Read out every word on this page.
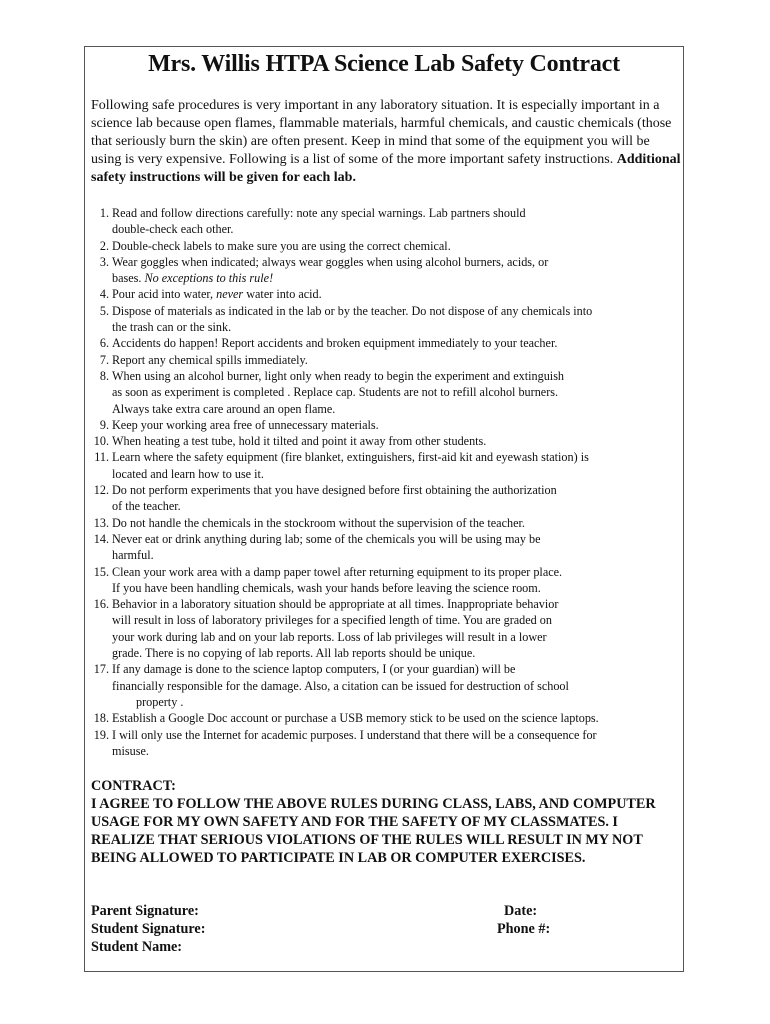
Mrs. Willis HTPA Science Lab Safety Contract
Following safe procedures is very important in any laboratory situation. It is especially important in a science lab because open flames, flammable materials, harmful chemicals, and caustic chemicals (those that seriously burn the skin) are often present. Keep in mind that some of the equipment you will be using is very expensive. Following is a list of some of the more important safety instructions. Additional safety instructions will be given for each lab.
1. Read and follow directions carefully: note any special warnings. Lab partners should
double-check each other.
2. Double-check labels to make sure you are using the correct chemical.
3. Wear goggles when indicated; always wear goggles when using alcohol burners, acids, or
bases. No exceptions to this rule!
4. Pour acid into water, never water into acid.
5. Dispose of materials as indicated in the lab or by the teacher. Do not dispose of any chemicals into
the trash can or the sink.
6. Accidents do happen! Report accidents and broken equipment immediately to your teacher.
7. Report any chemical spills immediately.
8. When using an alcohol burner, light only when ready to begin the experiment and extinguish
as soon as experiment is completed . Replace cap. Students are not to refill alcohol burners.
Always take extra care around an open flame.
9. Keep your working area free of unnecessary materials.
10. When heating a test tube, hold it tilted and point it away from other students.
11. Learn where the safety equipment (fire blanket, extinguishers, first-aid kit and eyewash station) is
located and learn how to use it.
12. Do not perform experiments that you have designed before first obtaining the authorization
of the teacher.
13. Do not handle the chemicals in the stockroom without the supervision of the teacher.
14. Never eat or drink anything during lab; some of the chemicals you will be using may be
harmful.
15. Clean your work area with a damp paper towel after returning equipment to its proper place.
If you have been handling chemicals, wash your hands before leaving the science room.
16. Behavior in a laboratory situation should be appropriate at all times. Inappropriate behavior
will result in loss of laboratory privileges for a specified length of time. You are graded on
your work during lab and on your lab reports. Loss of lab privileges will result in a lower
grade. There is no copying of lab reports. All lab reports should be unique.
17. If any damage is done to the science laptop computers, I (or your guardian) will be
financially responsible for the damage. Also, a citation can be issued for destruction of school
property .
18. Establish a Google Doc account or purchase a USB memory stick to be used on the science laptops.
19. I will only use the Internet for academic purposes. I understand that there will be a consequence for
misuse.
CONTRACT:
I AGREE TO FOLLOW THE ABOVE RULES DURING CLASS, LABS, AND COMPUTER USAGE FOR MY OWN SAFETY AND FOR THE SAFETY OF MY CLASSMATES. I REALIZE THAT SERIOUS VIOLATIONS OF THE RULES WILL RESULT IN MY NOT BEING ALLOWED TO PARTICIPATE IN LAB OR COMPUTER EXERCISES.
Parent Signature:	Date:
Student Signature:	Phone #:
Student Name:
